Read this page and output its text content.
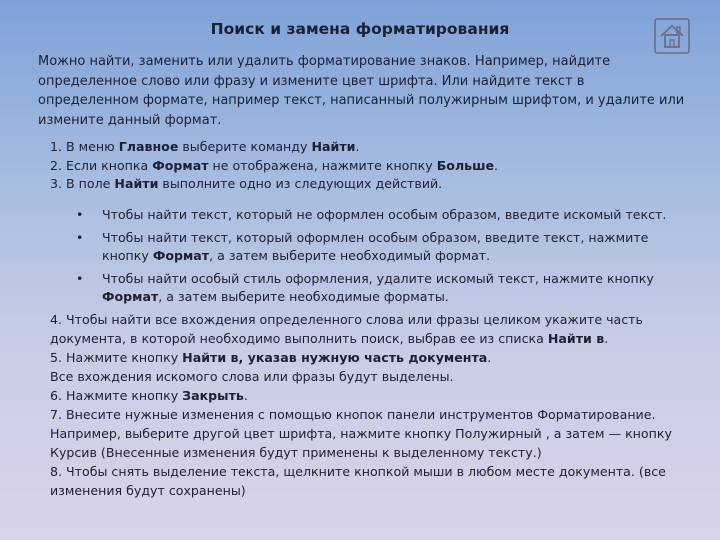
Поиск и замена форматирования

Можно найти, заменить или удалить форматирование знаков. Например, найдите определенное слово или фразу и измените цвет шрифта. Или найдите текст в определенном формате, например текст, написанный полужирным шрифтом, и удалите или измените данный формат.

1. В меню Главное выберите команду Найти.

2. Если кнопка Формат не отображена, нажмите кнопку Больше.

3. В поле Найти выполните одно из следующих действий.

• Чтобы найти текст, который не оформлен особым образом, введите искомый текст.
• Чтобы найти текст, который оформлен особым образом, введите текст, нажмите кнопку Формат, а затем выберите необходимый формат.
• Чтобы найти особый стиль оформления, удалите искомый текст, нажмите кнопку Формат, а затем выберите необходимые форматы.

4. Чтобы найти все вхождения определенного слова или фразы целиком укажите часть документа, в которой необходимо выполнить поиск, выбрав ее из списка Найти в.

5. Нажмите кнопку Найти в, указав нужную часть документа.

Все вхождения искомого слова или фразы будут выделены.

6. Нажмите кнопку Закрыть.

7. Внесите нужные изменения с помощью кнопок панели инструментов Форматирование. Например, выберите другой цвет шрифта, нажмите кнопку Полужирный , а затем — кнопку Курсив (Внесенные изменения будут применены к выделенному тексту.)

8. Чтобы снять выделение текста, щелкните кнопкой мыши в любом месте документа. (все изменения будут сохранены)
